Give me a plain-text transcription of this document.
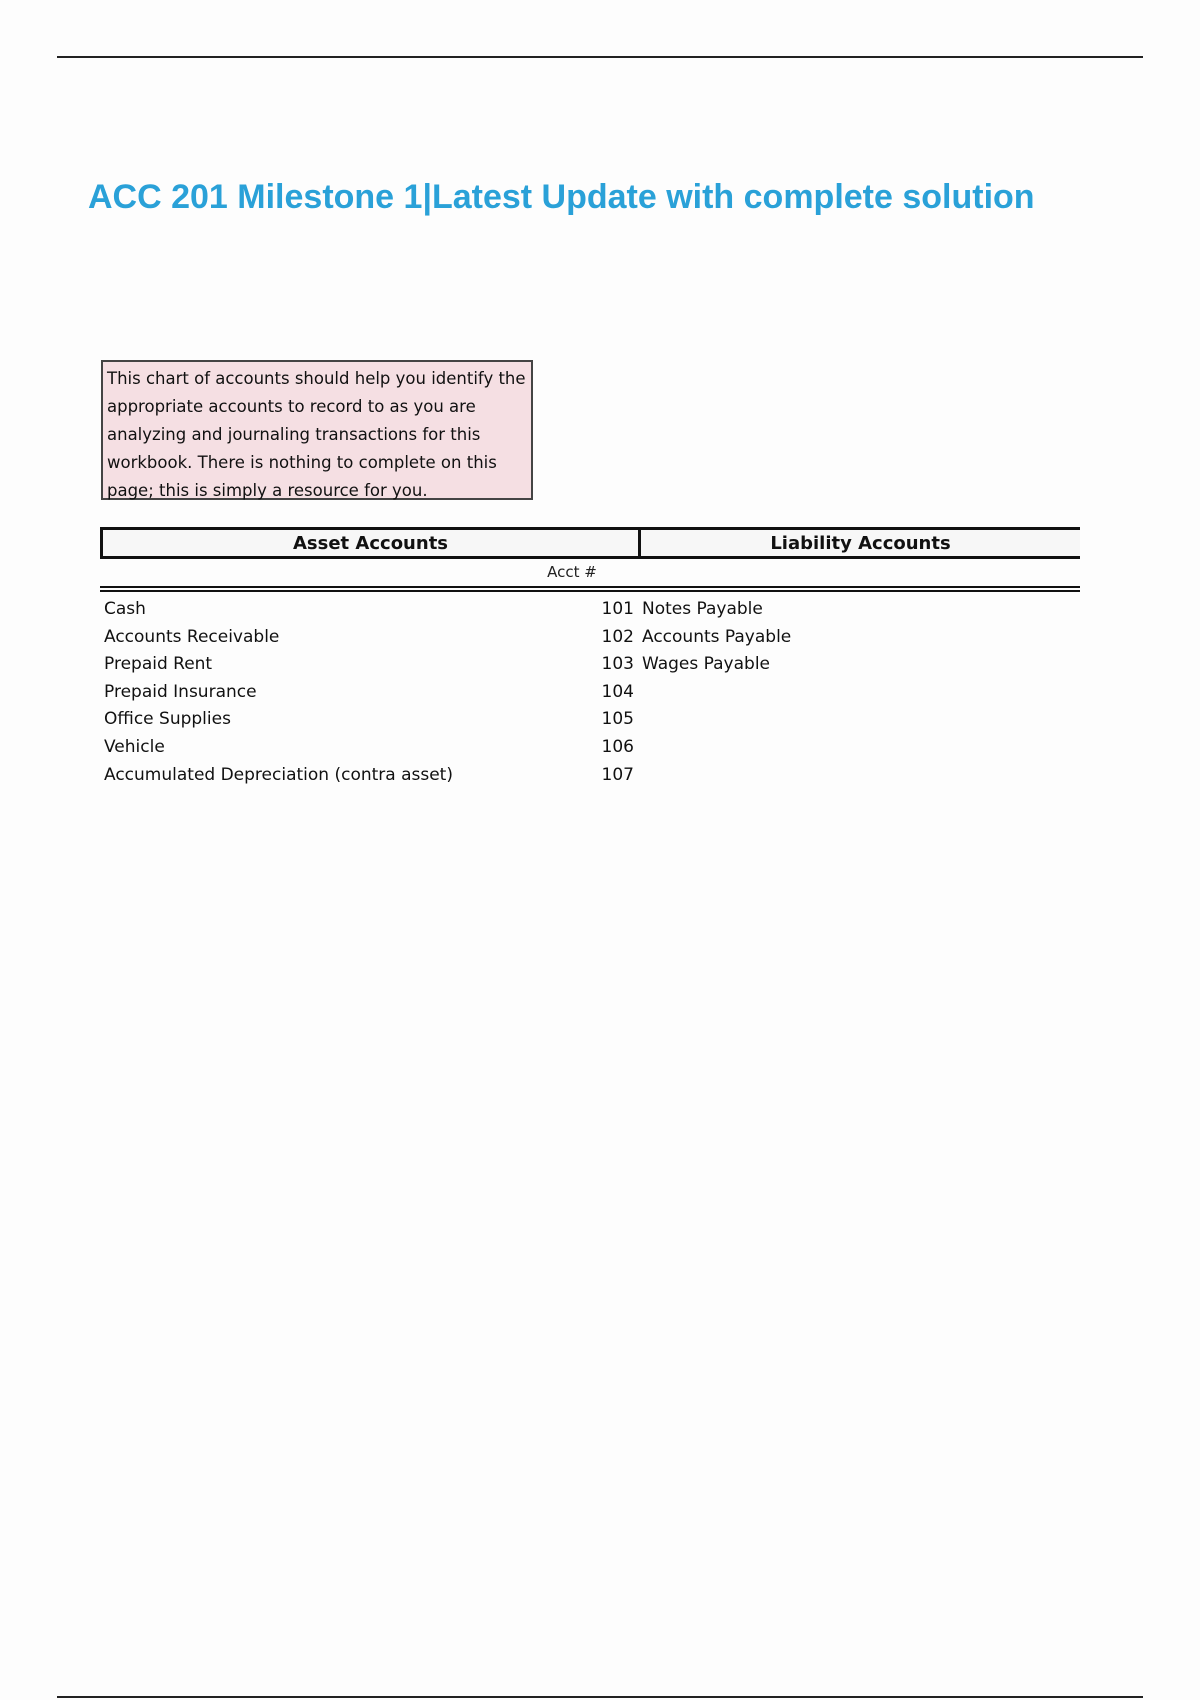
ACC 201 Milestone 1|Latest Update with complete solution
This chart of accounts should help you identify the appropriate accounts to record to as you are analyzing and journaling transactions for this workbook. There is nothing to complete on this page; this is simply a resource for you.
Asset Accounts	Liability Accounts
Acct #
Cash	101 Notes Payable
Accounts Receivable	102 Accounts Payable
Prepaid Rent	103 Wages Payable
Prepaid Insurance	104
Office Supplies	105
Vehicle	106
Accumulated Depreciation (contra asset)	107
